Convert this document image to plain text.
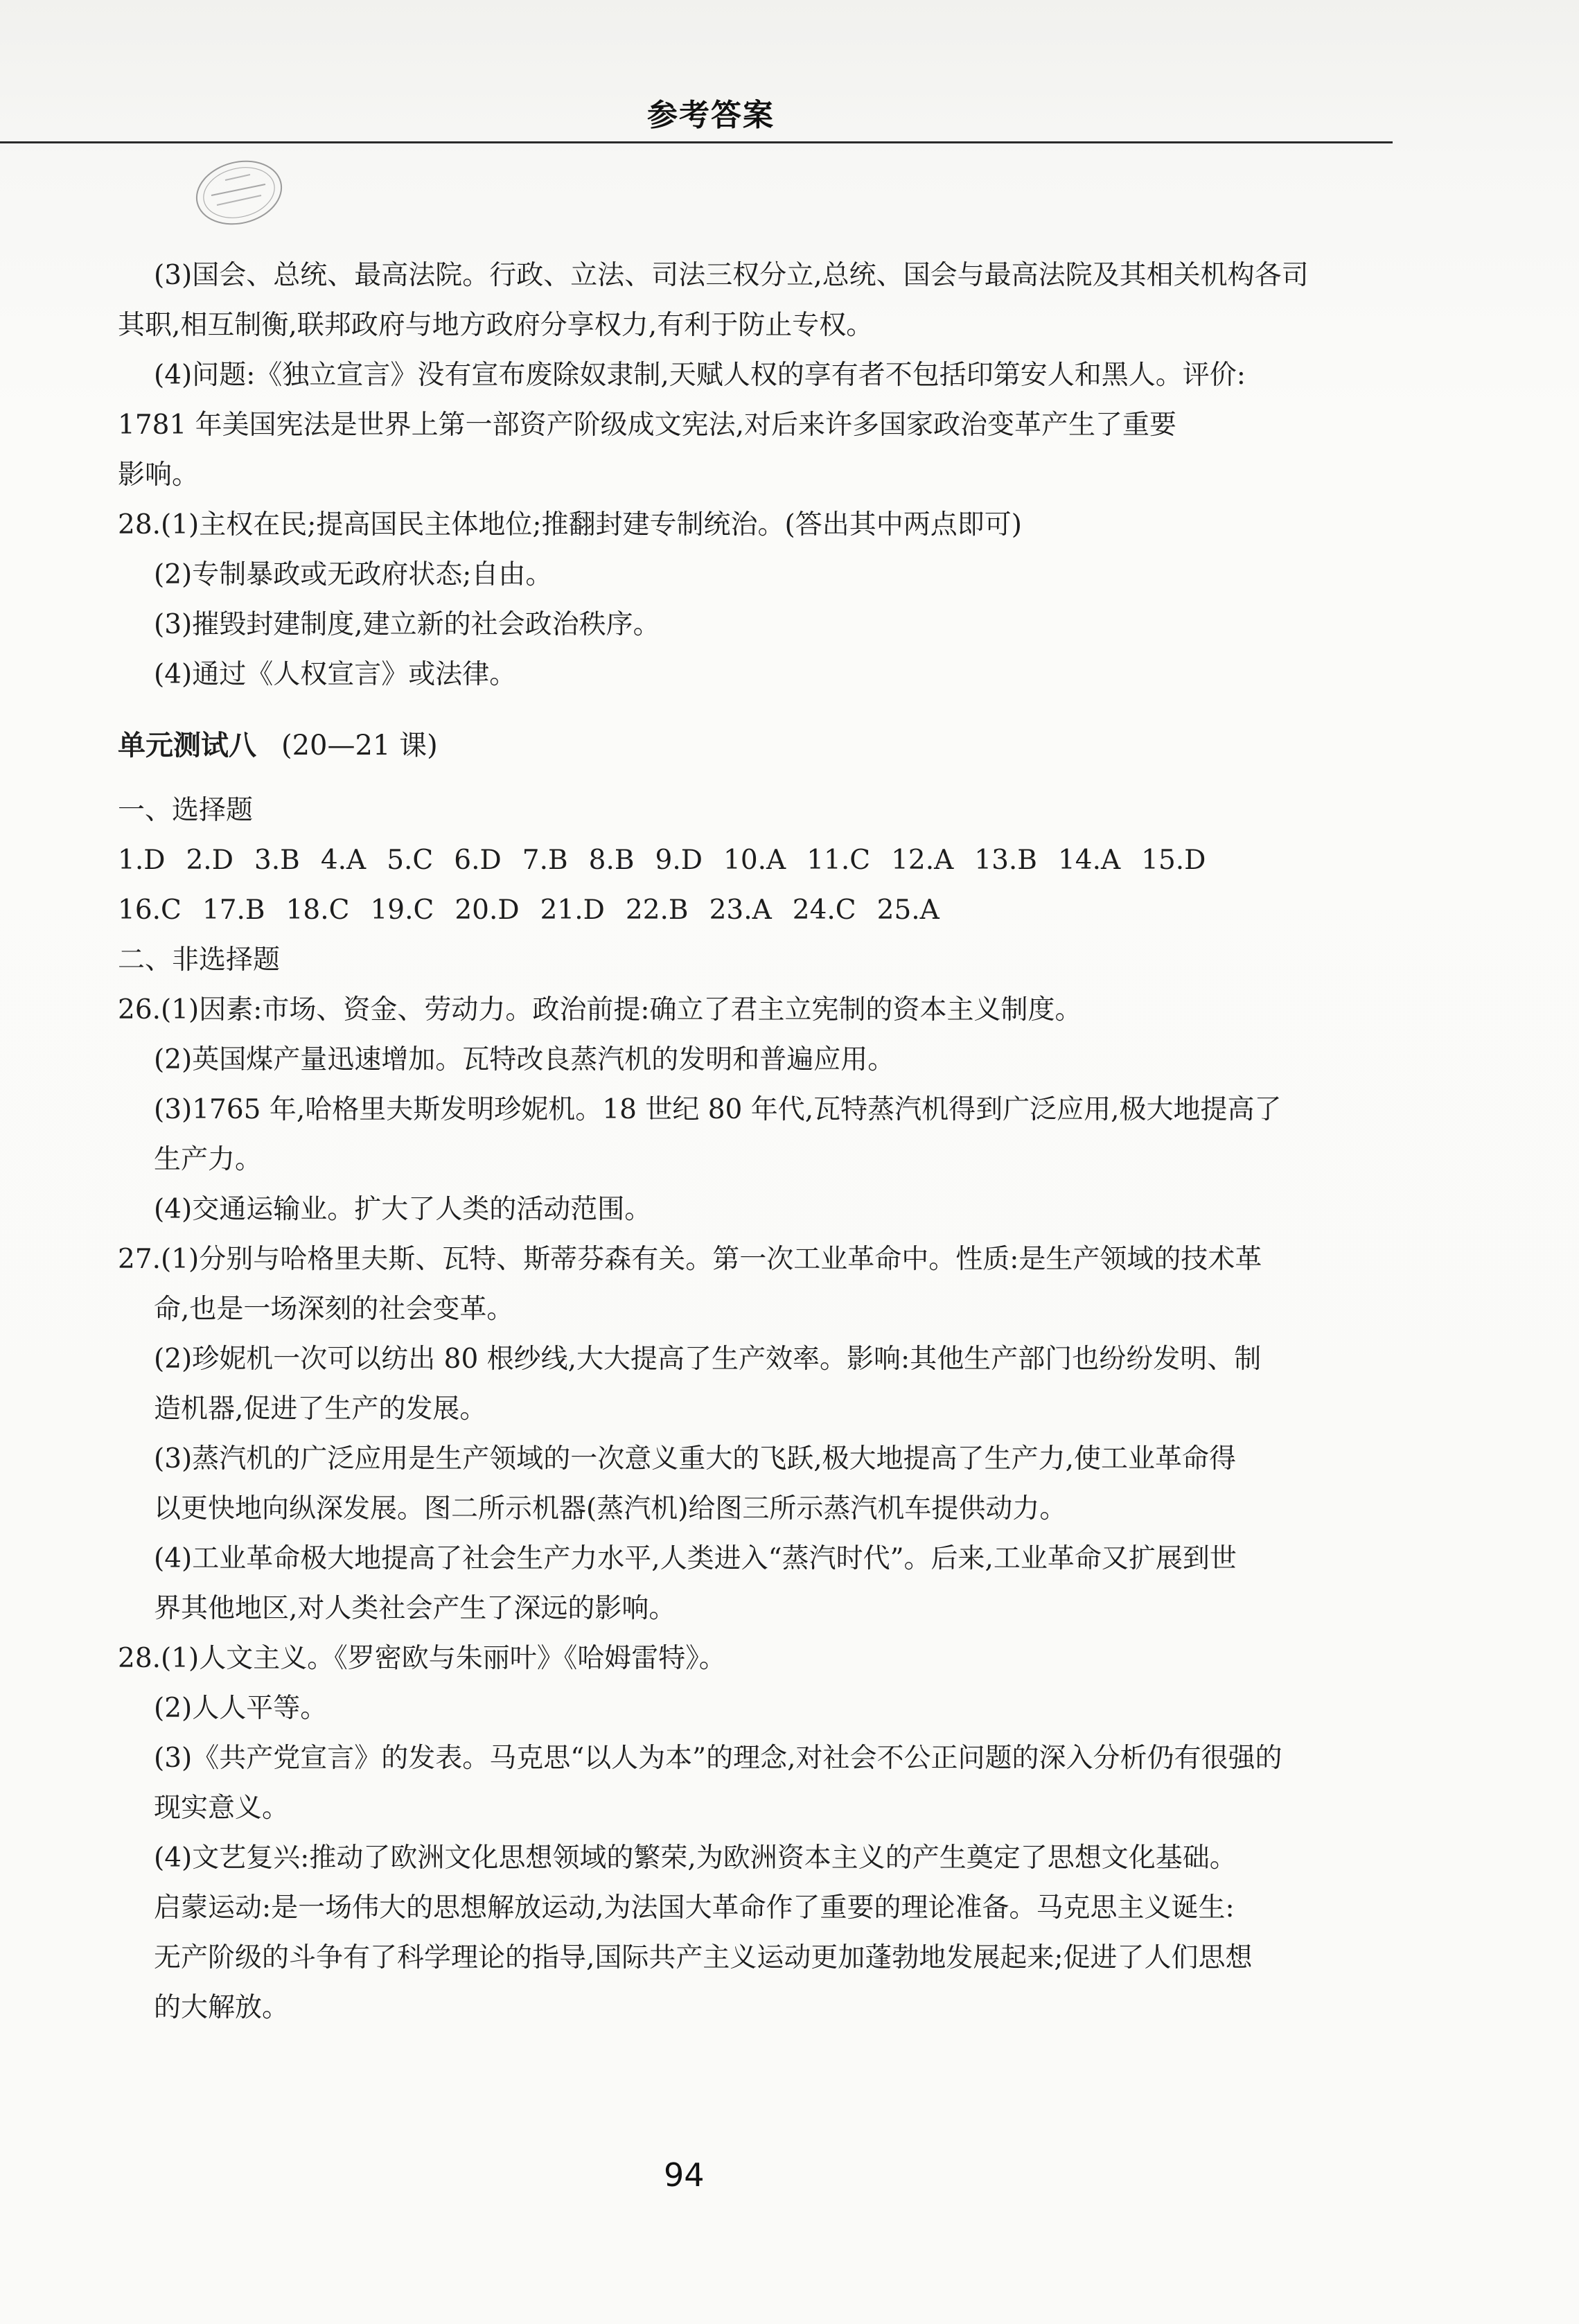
参考答案
(3)国会、总统、最高法院。行政、立法、司法三权分立,总统、国会与最高法院及其相关机构各司
其职,相互制衡,联邦政府与地方政府分享权力,有利于防止专权。
(4)问题:《独立宣言》没有宣布废除奴隶制,天赋人权的享有者不包括印第安人和黑人。评价:
1781 年美国宪法是世界上第一部资产阶级成文宪法,对后来许多国家政治变革产生了重要
影响。
28.(1)主权在民;提高国民主体地位;推翻封建专制统治。(答出其中两点即可)
(2)专制暴政或无政府状态;自由。
(3)摧毁封建制度,建立新的社会政治秩序。
(4)通过《人权宣言》或法律。
单元测试八 (20—21 课)
一、选择题
1.D 2.D 3.B 4.A 5.C 6.D 7.B 8.B 9.D 10.A 11.C 12.A 13.B 14.A 15.D
16.C 17.B 18.C 19.C 20.D 21.D 22.B 23.A 24.C 25.A
二、非选择题
26.(1)因素:市场、资金、劳动力。政治前提:确立了君主立宪制的资本主义制度。
(2)英国煤产量迅速增加。瓦特改良蒸汽机的发明和普遍应用。
(3)1765 年,哈格里夫斯发明珍妮机。18 世纪 80 年代,瓦特蒸汽机得到广泛应用,极大地提高了
生产力。
(4)交通运输业。扩大了人类的活动范围。
27.(1)分别与哈格里夫斯、瓦特、斯蒂芬森有关。第一次工业革命中。性质:是生产领域的技术革
命,也是一场深刻的社会变革。
(2)珍妮机一次可以纺出 80 根纱线,大大提高了生产效率。影响:其他生产部门也纷纷发明、制
造机器,促进了生产的发展。
(3)蒸汽机的广泛应用是生产领域的一次意义重大的飞跃,极大地提高了生产力,使工业革命得
以更快地向纵深发展。图二所示机器(蒸汽机)给图三所示蒸汽机车提供动力。
(4)工业革命极大地提高了社会生产力水平,人类进入“蒸汽时代”。后来,工业革命又扩展到世
界其他地区,对人类社会产生了深远的影响。
28.(1)人文主义。《罗密欧与朱丽叶》《哈姆雷特》。
(2)人人平等。
(3)《共产党宣言》的发表。马克思“以人为本”的理念,对社会不公正问题的深入分析仍有很强的
现实意义。
(4)文艺复兴:推动了欧洲文化思想领域的繁荣,为欧洲资本主义的产生奠定了思想文化基础。
启蒙运动:是一场伟大的思想解放运动,为法国大革命作了重要的理论准备。马克思主义诞生:
无产阶级的斗争有了科学理论的指导,国际共产主义运动更加蓬勃地发展起来;促进了人们思想
的大解放。
94
